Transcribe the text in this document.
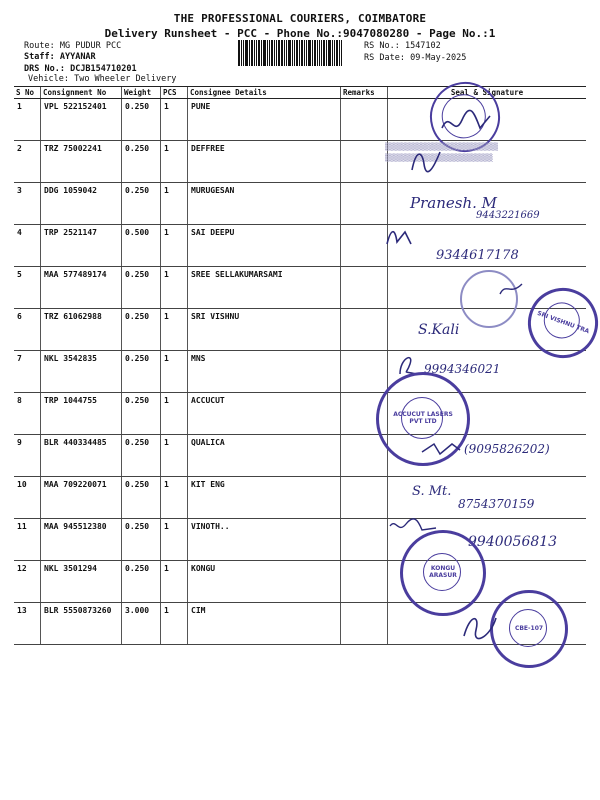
THE PROFESSIONAL COURIERS, COIMBATORE
Delivery Runsheet - PCC - Phone No.:9047080280 - Page No.:1
Route: MG PUDUR PCC
Staff: AYYANAR
DRS No.: DCJB154710201
Vehicle: Two Wheeler Delivery
RS No.: 1547102
RS Date: 09-May-2025
S No	Consignment No	Weight	PCS	Consignee Details	Remarks	Seal & Signature
1	VPL 522152401	0.250	1	PUNE		
2	TRZ 75002241	0.250	1	DEFFREE		
3	DDG 1059042	0.250	1	MURUGESAN		
4	TRP 2521147	0.500	1	SAI DEEPU		
5	MAA 577489174	0.250	1	SREE SELLAKUMARSAMI		
6	TRZ 61062988	0.250	1	SRI VISHNU		
7	NKL 3542835	0.250	1	MNS		
8	TRP 1044755	0.250	1	ACCUCUT		
9	BLR 440334485	0.250	1	QUALICA		
10	MAA 709220071	0.250	1	KIT ENG		
11	MAA 945512380	0.250	1	VINOTH..		
12	NKL 3501294	0.250	1	KONGU		
13	BLR 5550873260	3.000	1	CIM		
▒▒▒▒▒▒▒▒▒▒▒▒▒▒▒▒▒▒▒▒▒
▒▒▒▒▒▒▒▒▒▒▒▒▒▒▒▒▒▒▒▒
Pranesh. M
9443221669
9344617178
SRI VISHNU TRA
S.Kali
9994346021
ACCUCUT LASERS PVT LTD
(9095826202)
S. Mt.
8754370159
9940056813
KONGU ARASUR
CBE-107
